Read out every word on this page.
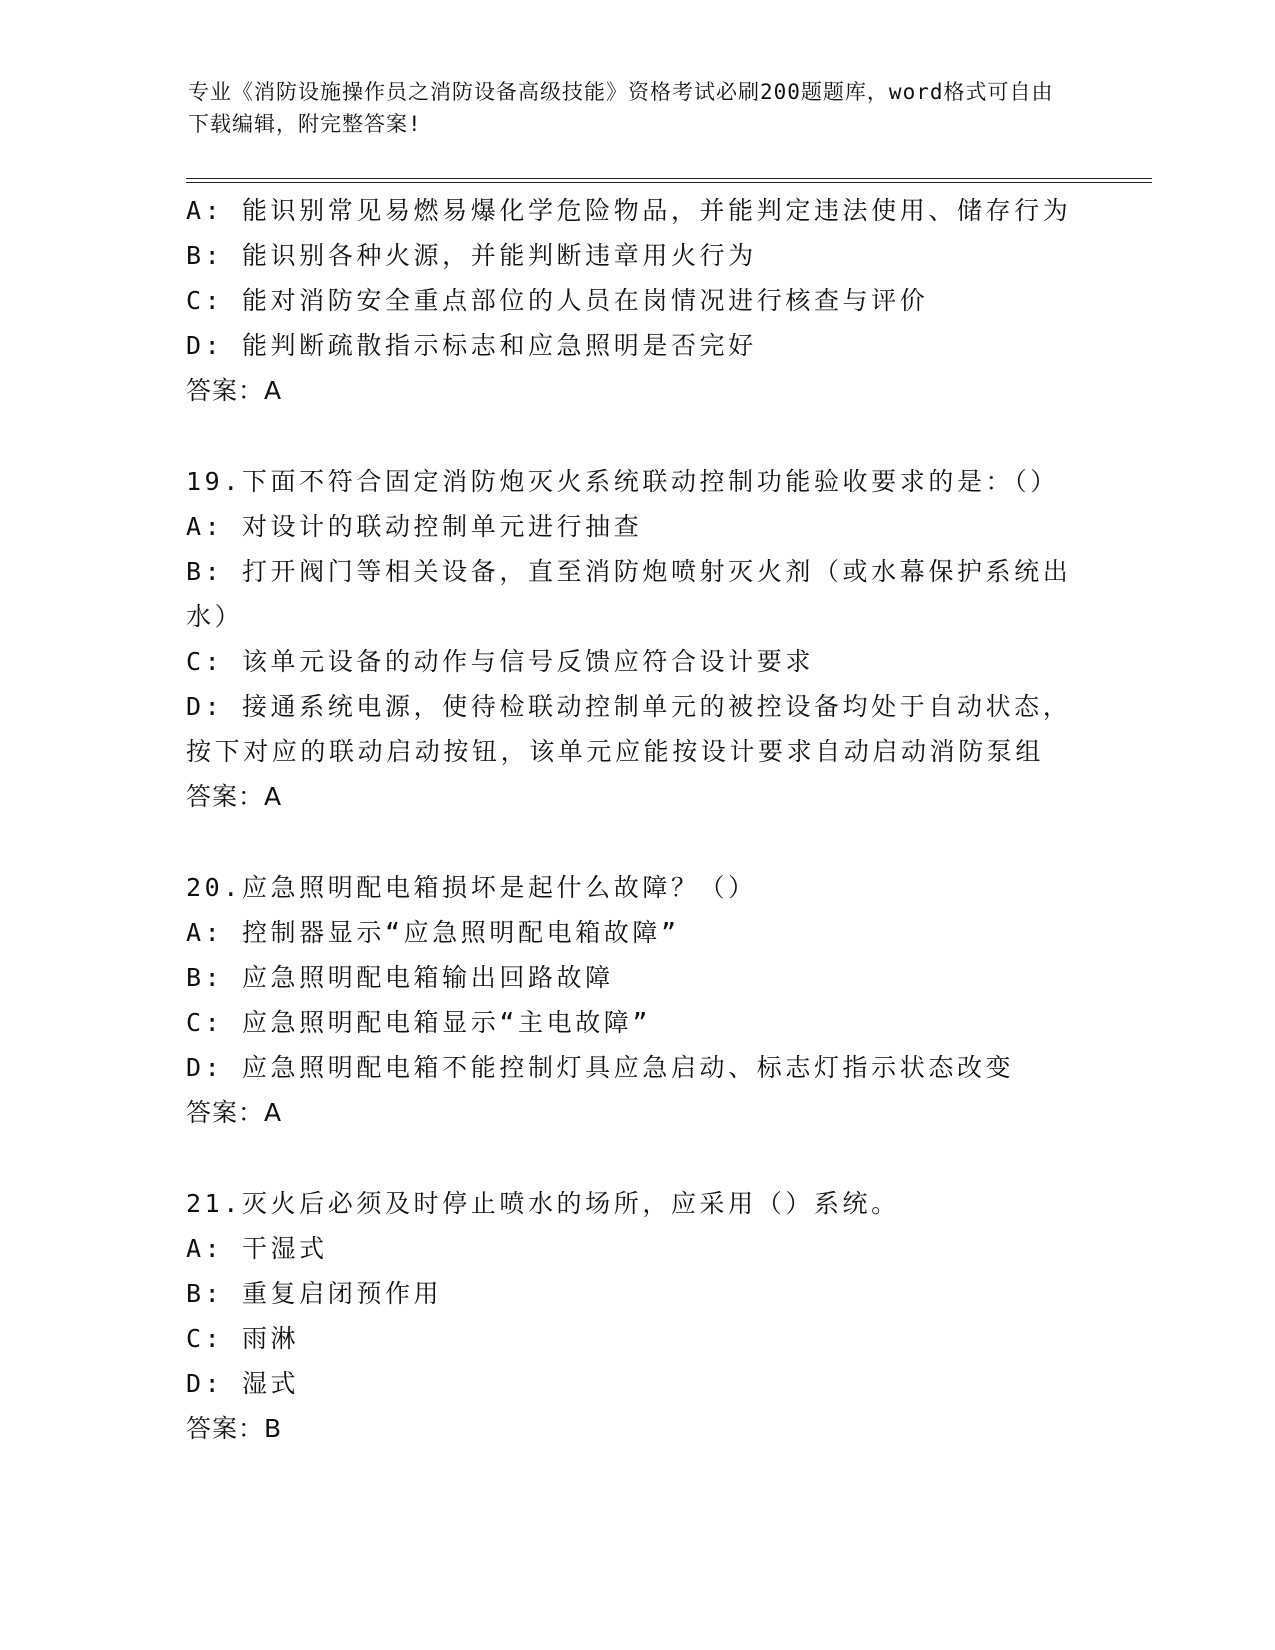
专业《消防设施操作员之消防设备高级技能》资格考试必刷200题题库，word格式可自由下载编辑，附完整答案!
A: 能识别常见易燃易爆化学危险物品，并能判定违法使用、储存行为
B: 能识别各种火源，并能判断违章用火行为
C: 能对消防安全重点部位的人员在岗情况进行核查与评价
D: 能判断疏散指示标志和应急照明是否完好
答案：A
19.下面不符合固定消防炮灭火系统联动控制功能验收要求的是：（）
A: 对设计的联动控制单元进行抽查
B: 打开阀门等相关设备，直至消防炮喷射灭火剂（或水幕保护系统出
水）
C: 该单元设备的动作与信号反馈应符合设计要求
D: 接通系统电源，使待检联动控制单元的被控设备均处于自动状态，
按下对应的联动启动按钮，该单元应能按设计要求自动启动消防泵组
答案：A
20.应急照明配电箱损坏是起什么故障？（）
A: 控制器显示“应急照明配电箱故障”
B: 应急照明配电箱输出回路故障
C: 应急照明配电箱显示“主电故障”
D: 应急照明配电箱不能控制灯具应急启动、标志灯指示状态改变
答案：A
21.灭火后必须及时停止喷水的场所，应采用（）系统。
A: 干湿式
B: 重复启闭预作用
C: 雨淋
D: 湿式
答案：B
